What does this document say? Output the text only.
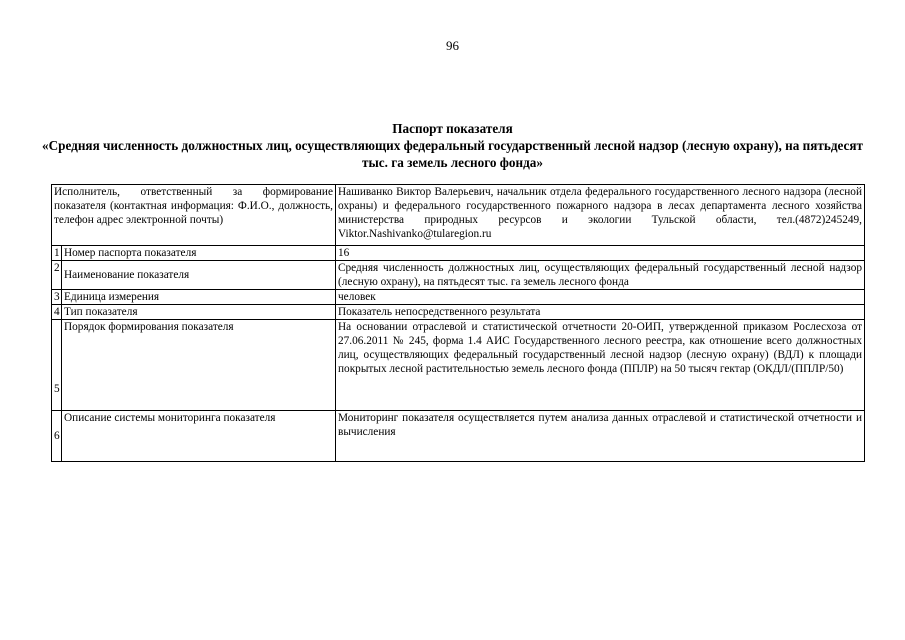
96
Паспорт показателя
«Средняя численность должностных лиц, осуществляющих федеральный государственный лесной надзор (лесную охрану), на пятьдесят тыс. га земель лесного фонда»
Исполнитель, ответственный за формирование показателя (контактная информация: Ф.И.О., должность, телефон адрес электронной почты)		Нашиванко Виктор Валерьевич, начальник отдела федерального государственного лесного надзора (лесной охраны) и федерального государственного пожарного надзора в лесах департамента лесного хозяйства министерства природных ресурсов и экологии Тульской области, тел.(4872)245249, Viktor.Nashivanko@tularegion.ru
1	Номер паспорта показателя	16
2	Наименование показателя	Средняя численность должностных лиц, осуществляющих федеральный государственный лесной надзор (лесную охрану), на пятьдесят тыс. га земель лесного фонда
3	Единица измерения	человек
4	Тип показателя	Показатель непосредственного результата
5	Порядок формирования показателя	На основании отраслевой и статистической отчетности 20-ОИП, утвержденной приказом Рослесхоза от 27.06.2011 № 245, форма 1.4 АИС Государственного лесного реестра, как отношение всего должностных лиц, осуществляющих федеральный государственный лесной надзор (лесную охрану) (ВДЛ) к площади покрытых лесной растительностью земель лесного фонда (ППЛР) на 50 тысяч гектар (ОКДЛ/(ППЛР/50)
6	Описание системы мониторинга показателя	Мониторинг показателя осуществляется путем анализа данных отраслевой и статистической отчетности и вычисления
